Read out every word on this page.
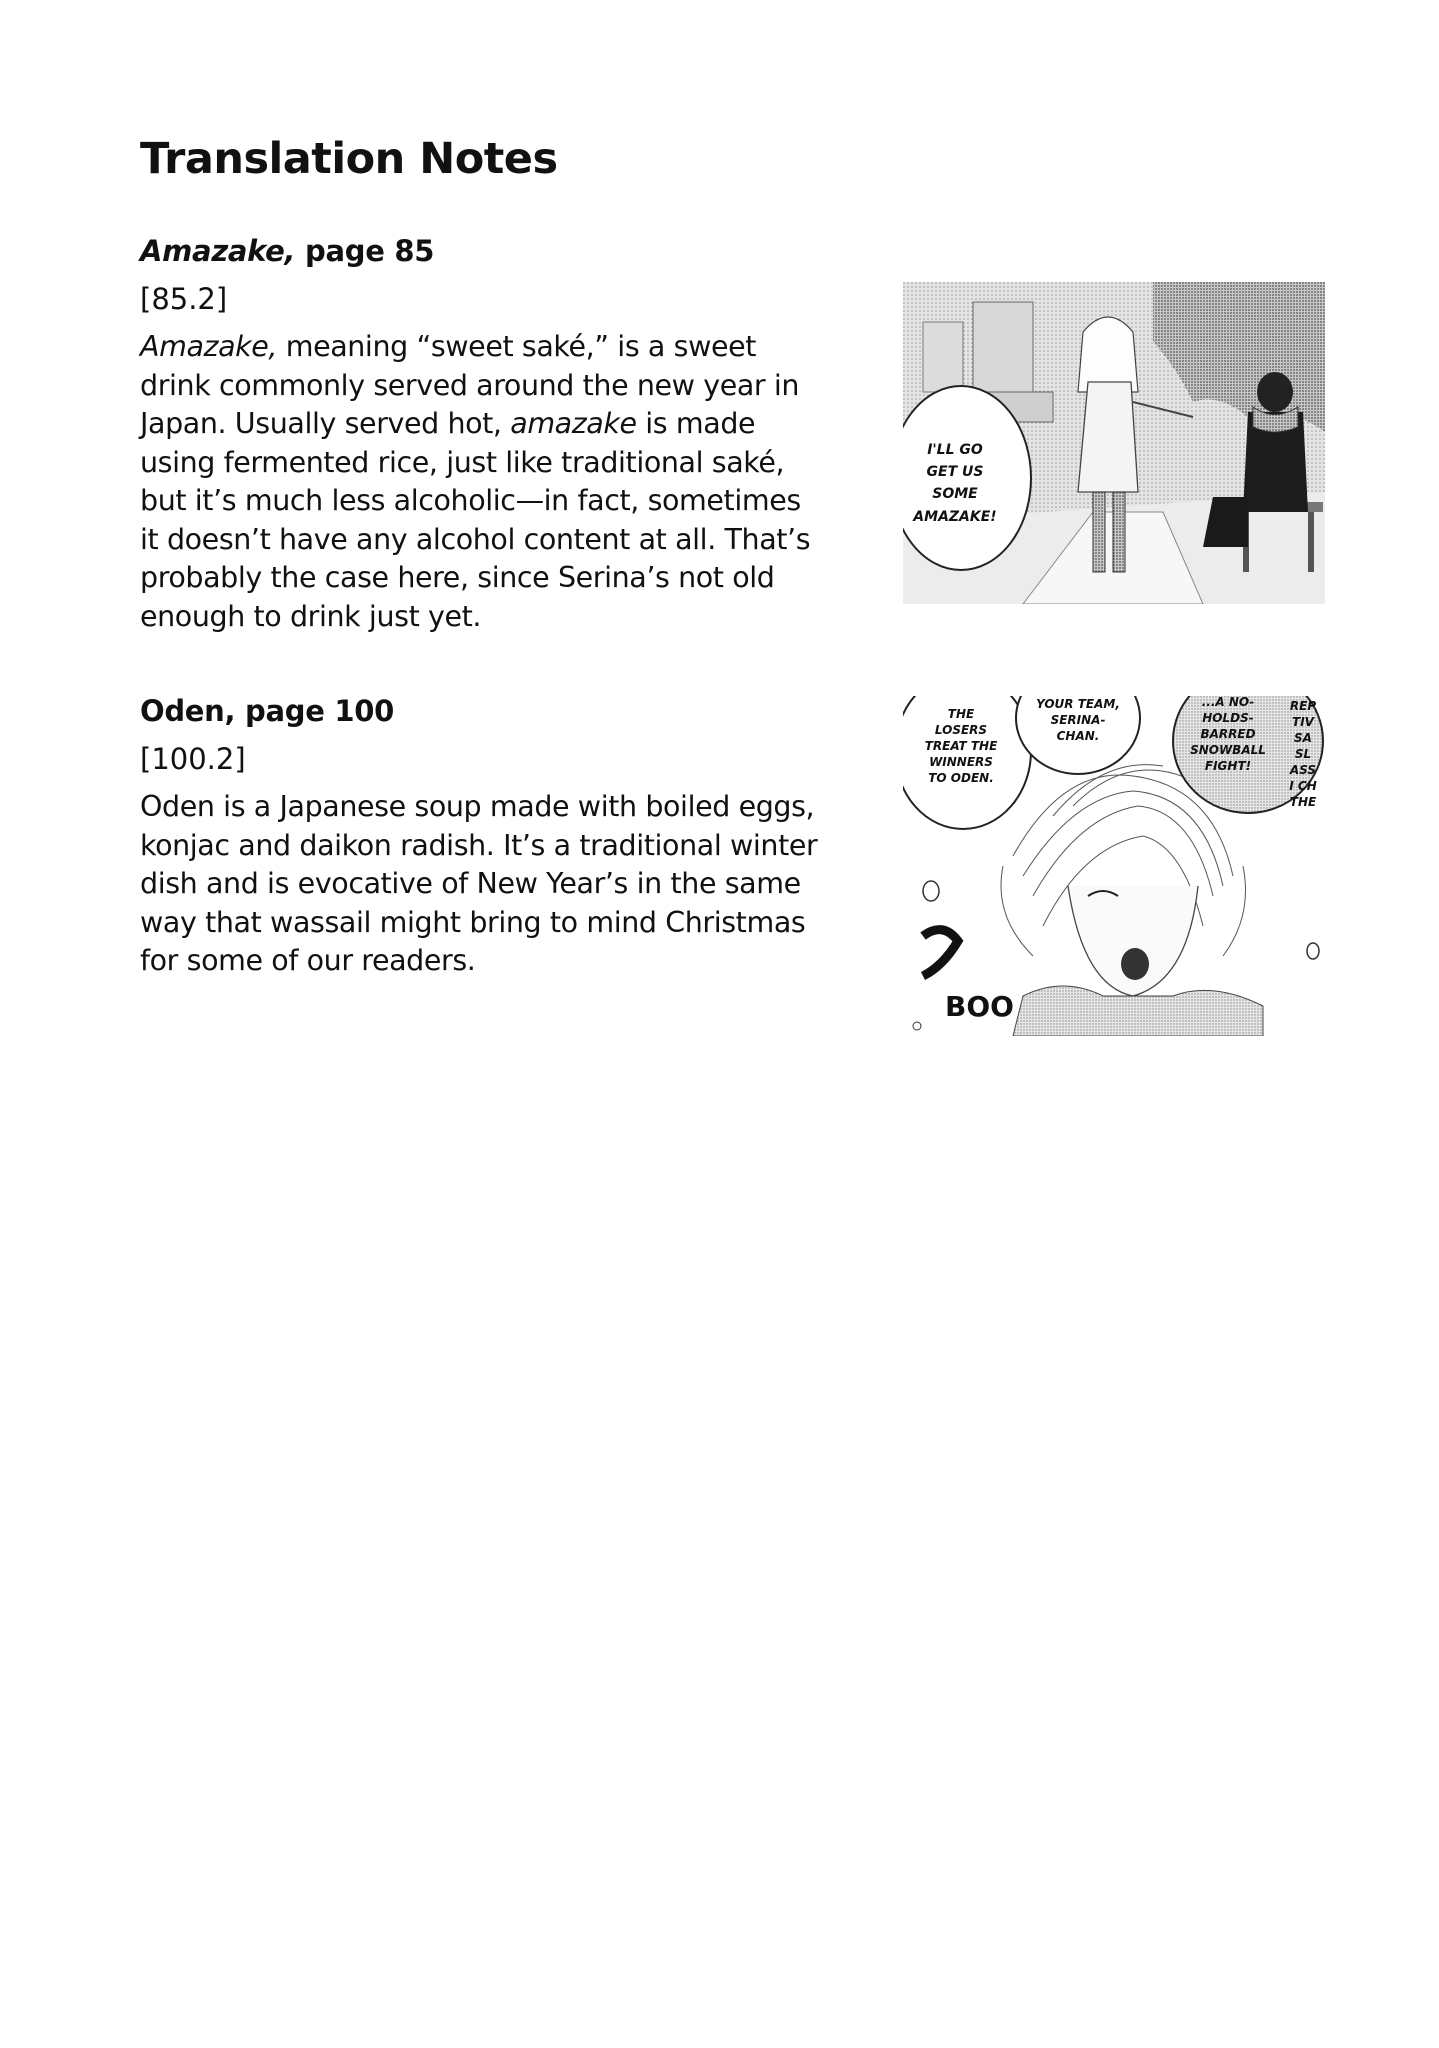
Translation Notes

Amazake, page 85

[85.2]

Amazake, meaning “sweet saké,” is a sweet drink commonly served around the new year in Japan. Usually served hot, amazake is made using fermented rice, just like traditional saké, but it’s much less alcoholic—in fact, sometimes it doesn’t have any alcohol content at all. That’s probably the case here, since Serina’s not old enough to drink just yet.

I'LL GO
GET US
SOME
AMAZAKE!

Oden, page 100

[100.2]

Oden is a Japanese soup made with boiled eggs, konjac and daikon radish. It’s a traditional winter dish and is evocative of New Year’s in the same way that wassail might bring to mind Christmas for some of our readers.

THE
LOSERS
TREAT THE
WINNERS
TO ODEN.
YOUR TEAM,
SERINA-
CHAN.
...A NO-
HOLDS-
BARRED
SNOWBALL
FIGHT!
REP
TIV
SA
SL
ASS
I CH
THE
BOO
